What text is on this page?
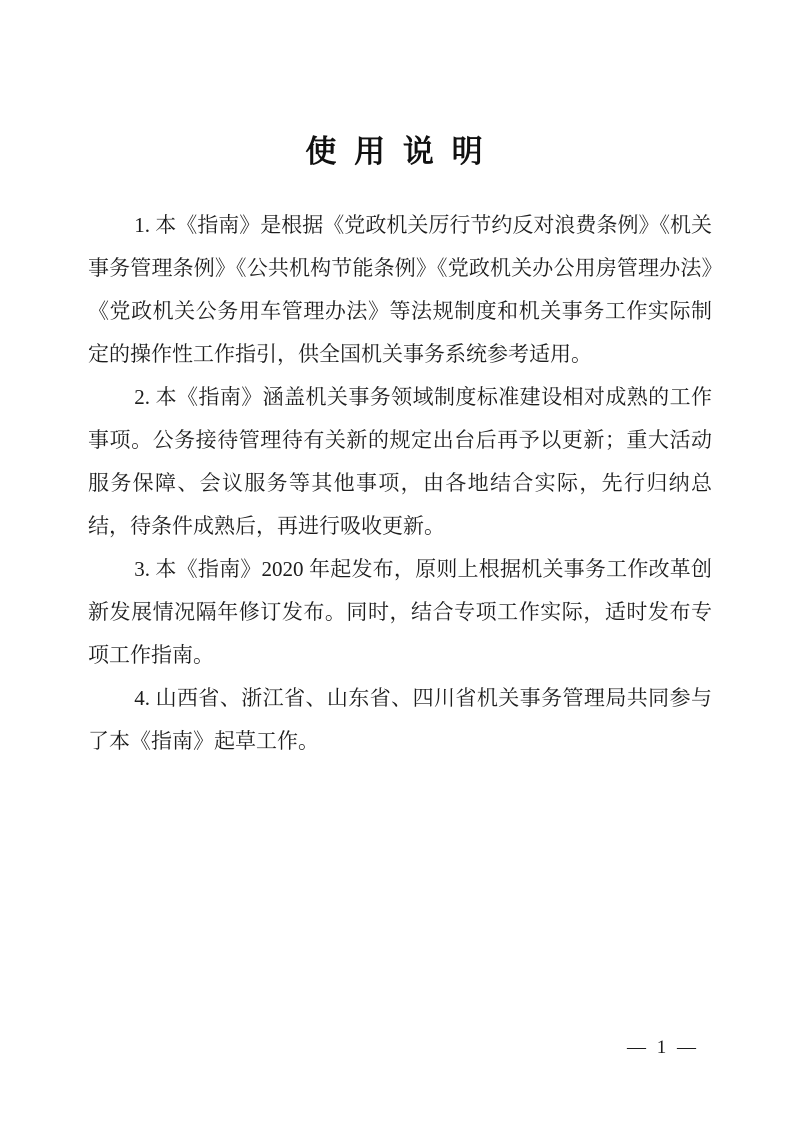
使 用 说 明

1. 本《指南》是根据《党政机关厉行节约反对浪费条例》《机关事务管理条例》《公共机构节能条例》《党政机关办公用房管理办法》《党政机关公务用车管理办法》等法规制度和机关事务工作实际制定的操作性工作指引，供全国机关事务系统参考适用。

2. 本《指南》涵盖机关事务领域制度标准建设相对成熟的工作事项。公务接待管理待有关新的规定出台后再予以更新；重大活动服务保障、会议服务等其他事项，由各地结合实际，先行归纳总结，待条件成熟后，再进行吸收更新。

3. 本《指南》2020 年起发布，原则上根据机关事务工作改革创新发展情况隔年修订发布。同时，结合专项工作实际，适时发布专项工作指南。

4. 山西省、浙江省、山东省、四川省机关事务管理局共同参与了本《指南》起草工作。

— 1 —
